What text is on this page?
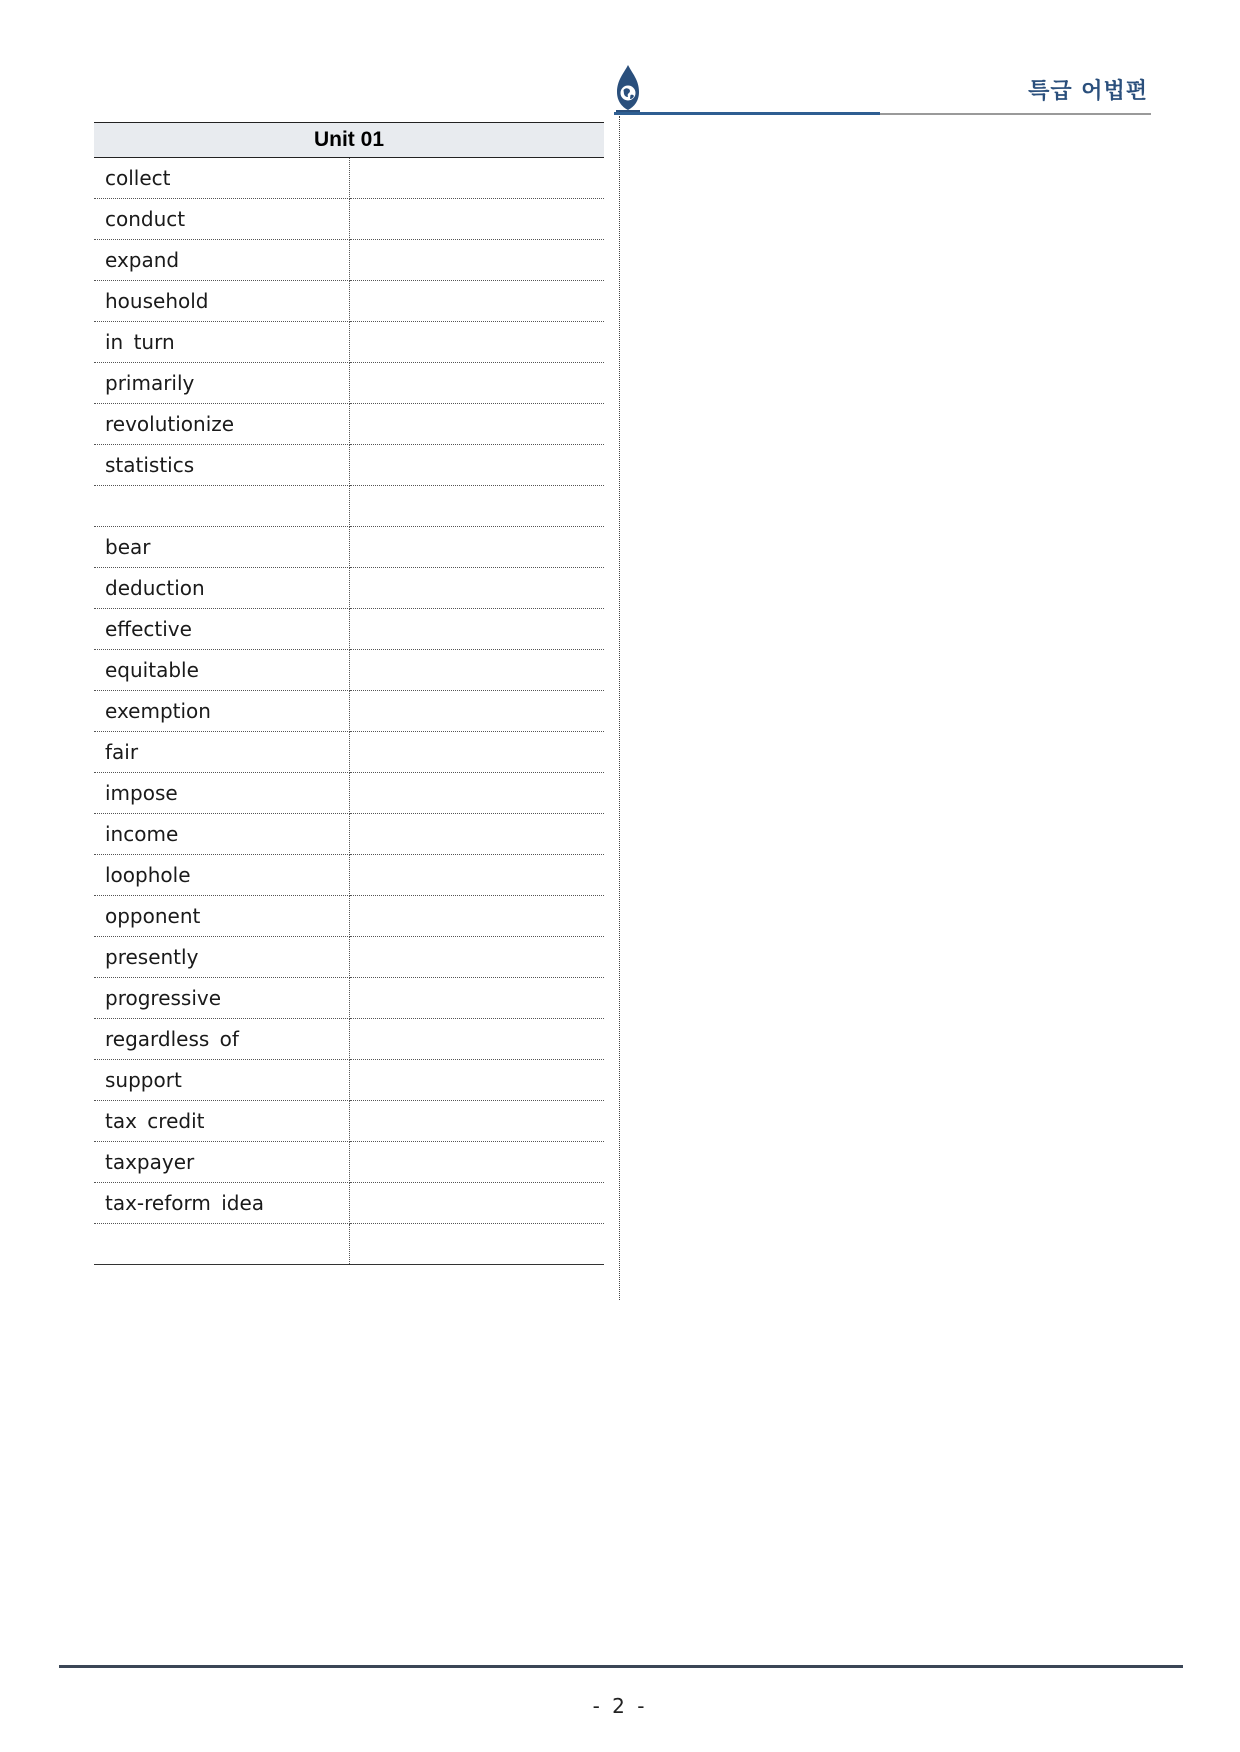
특급 어법편
Unit 01	
collect	
conduct	
expand	
household	
in turn	
primarily	
revolutionize	
statistics	

bear	
deduction	
effective	
equitable	
exemption	
fair	
impose	
income	
loophole	
opponent	
presently	
progressive	
regardless of	
support	
tax credit	
taxpayer	
tax-reform idea	

- 2 -
